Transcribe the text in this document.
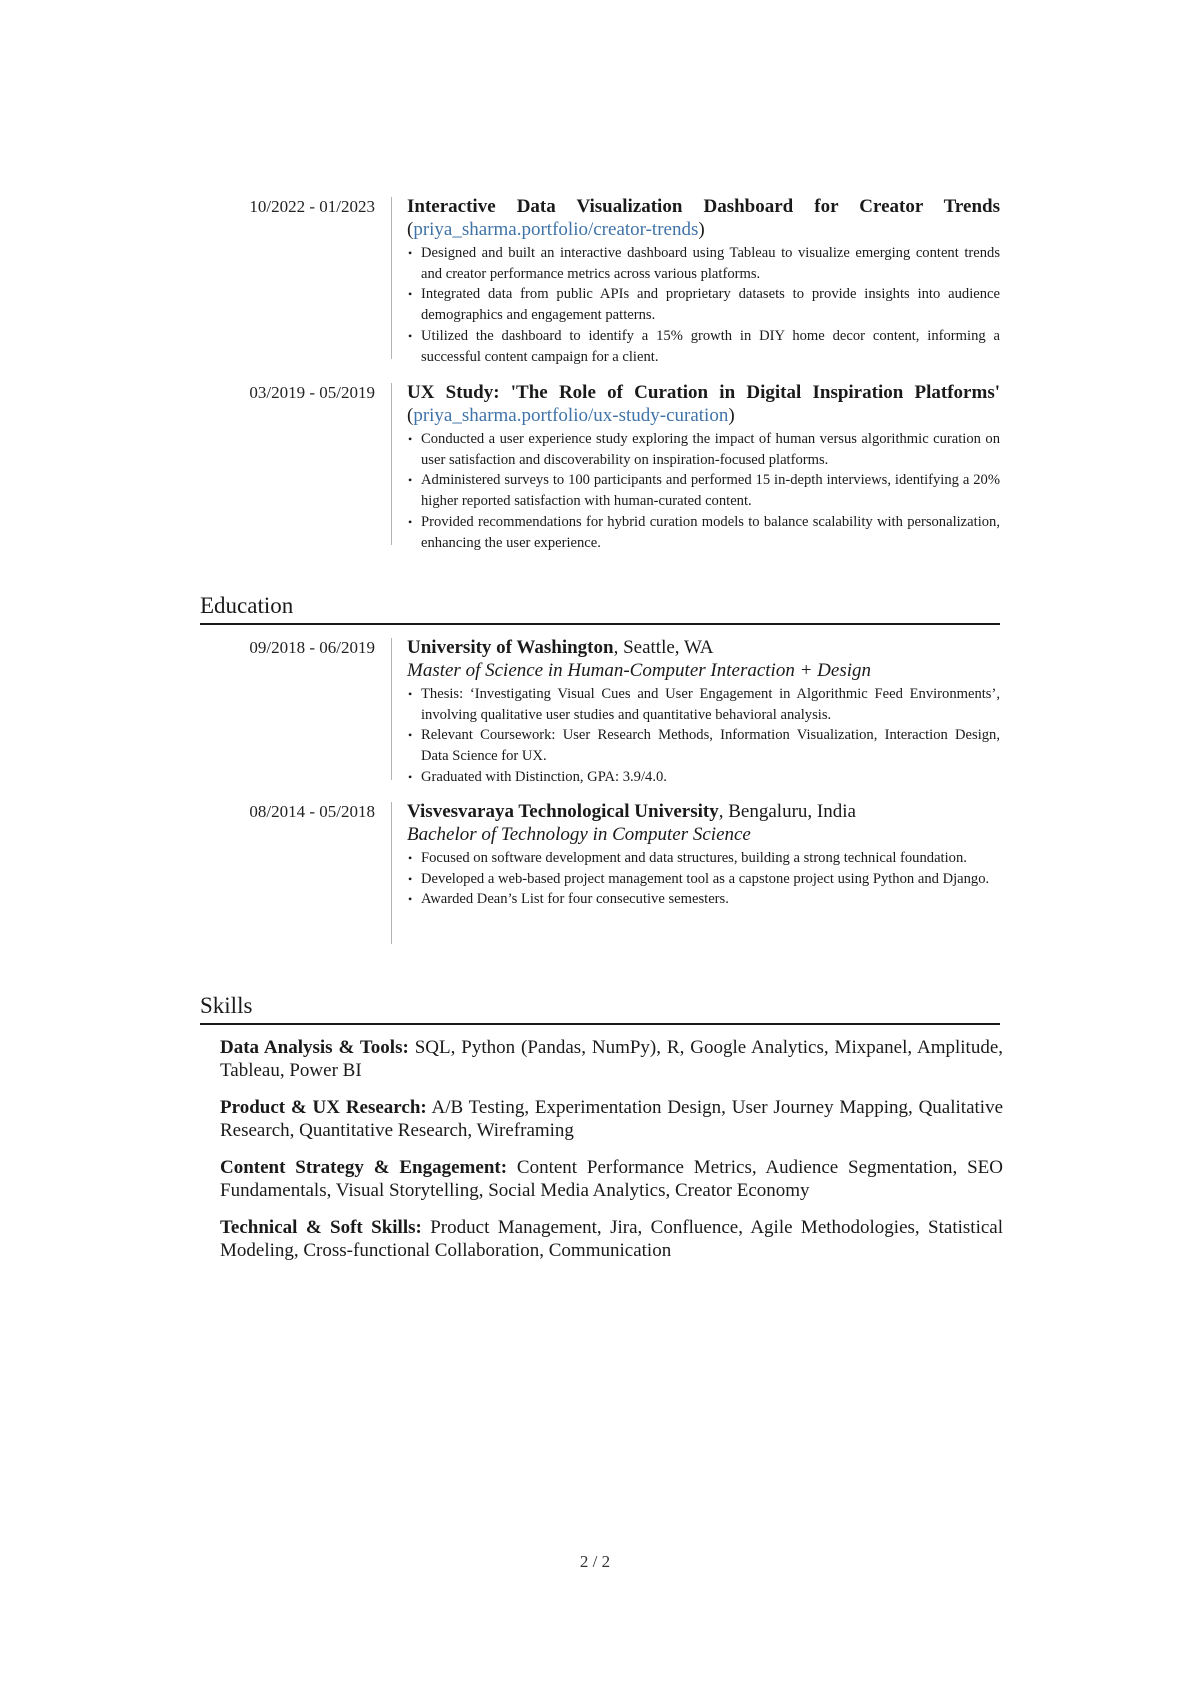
10/2022 - 01/2023 Interactive Data Visualization Dashboard for Creator Trends (priya_sharma.portfolio/creator-trends)
• Designed and built an interactive dashboard using Tableau to visualize emerging content trends and creator performance metrics across various platforms.
• Integrated data from public APIs and proprietary datasets to provide insights into audience demographics and engagement patterns.
• Utilized the dashboard to identify a 15% growth in DIY home decor content, informing a successful content campaign for a client.
03/2019 - 05/2019 UX Study: 'The Role of Curation in Digital Inspiration Platforms' (priya_sharma.portfolio/ux-study-curation)
• Conducted a user experience study exploring the impact of human versus algorithmic curation on user satisfaction and discoverability on inspiration-focused platforms.
• Administered surveys to 100 participants and performed 15 in-depth interviews, identifying a 20% higher reported satisfaction with human-curated content.
• Provided recommendations for hybrid curation models to balance scalability with personalization, enhancing the user experience.
Education
09/2018 - 06/2019 University of Washington, Seattle, WA
Master of Science in Human-Computer Interaction + Design
• Thesis: ‘Investigating Visual Cues and User Engagement in Algorithmic Feed Environments’, involving qualitative user studies and quantitative behavioral analysis.
• Relevant Coursework: User Research Methods, Information Visualization, Interaction Design, Data Science for UX.
• Graduated with Distinction, GPA: 3.9/4.0.
08/2014 - 05/2018 Visvesvaraya Technological University, Bengaluru, India
Bachelor of Technology in Computer Science
• Focused on software development and data structures, building a strong technical foundation.
• Developed a web-based project management tool as a capstone project using Python and Django.
• Awarded Dean’s List for four consecutive semesters.
Skills
Data Analysis & Tools: SQL, Python (Pandas, NumPy), R, Google Analytics, Mixpanel, Amplitude, Tableau, Power BI
Product & UX Research: A/B Testing, Experimentation Design, User Journey Mapping, Qualitative Research, Quantitative Research, Wireframing
Content Strategy & Engagement: Content Performance Metrics, Audience Segmentation, SEO Fundamentals, Visual Storytelling, Social Media Analytics, Creator Economy
Technical & Soft Skills: Product Management, Jira, Confluence, Agile Methodologies, Statistical Modeling, Cross-functional Collaboration, Communication
2 / 2
